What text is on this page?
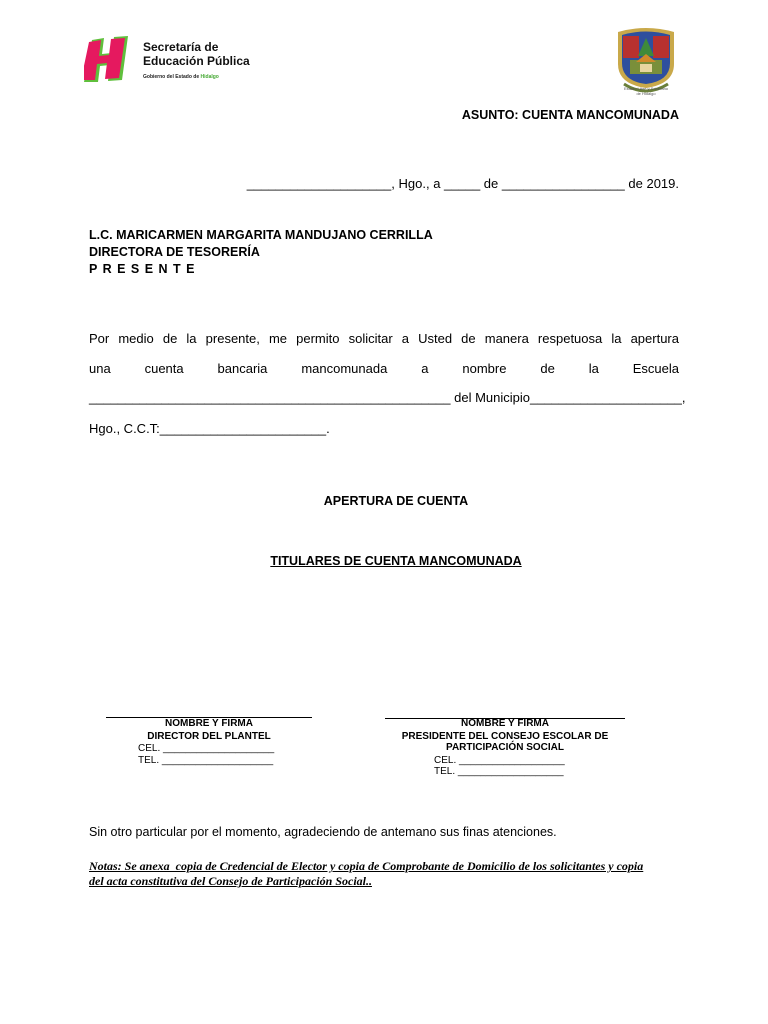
Secretaría de
Educación Pública
Gobierno del Estado de Hidalgo
Estado Libre y Soberano
de Hidalgo
ASUNTO: CUENTA MANCOMUNADA
____________________, Hgo., a _____ de _________________ de 2019.
L.C. MARICARMEN MARGARITA MANDUJANO CERRILLA
DIRECTORA DE TESORERÍA
P R E S E N T E
Por medio de la presente, me permito solicitar a Usted de manera respetuosa la apertura
una cuenta bancaria mancomunada a nombre de la Escuela
__________________________________________________ del Municipio_____________________,
Hgo., C.C.T:_______________________.
APERTURA DE CUENTA
TITULARES DE CUENTA MANCOMUNADA
NOMBRE Y FIRMA
DIRECTOR DEL PLANTEL
CEL. ____________________
TEL. ____________________
NOMBRE Y FIRMA
PRESIDENTE DEL CONSEJO ESCOLAR DE
PARTICIPACIÓN SOCIAL
CEL. ___________________
TEL. ___________________
Sin otro particular por el momento, agradeciendo de antemano sus finas atenciones.
Notas: Se anexa  copia de Credencial de Elector y copia de Comprobante de Domicilio de los solicitantes y copia
del acta constitutiva del Consejo de Participación Social..
